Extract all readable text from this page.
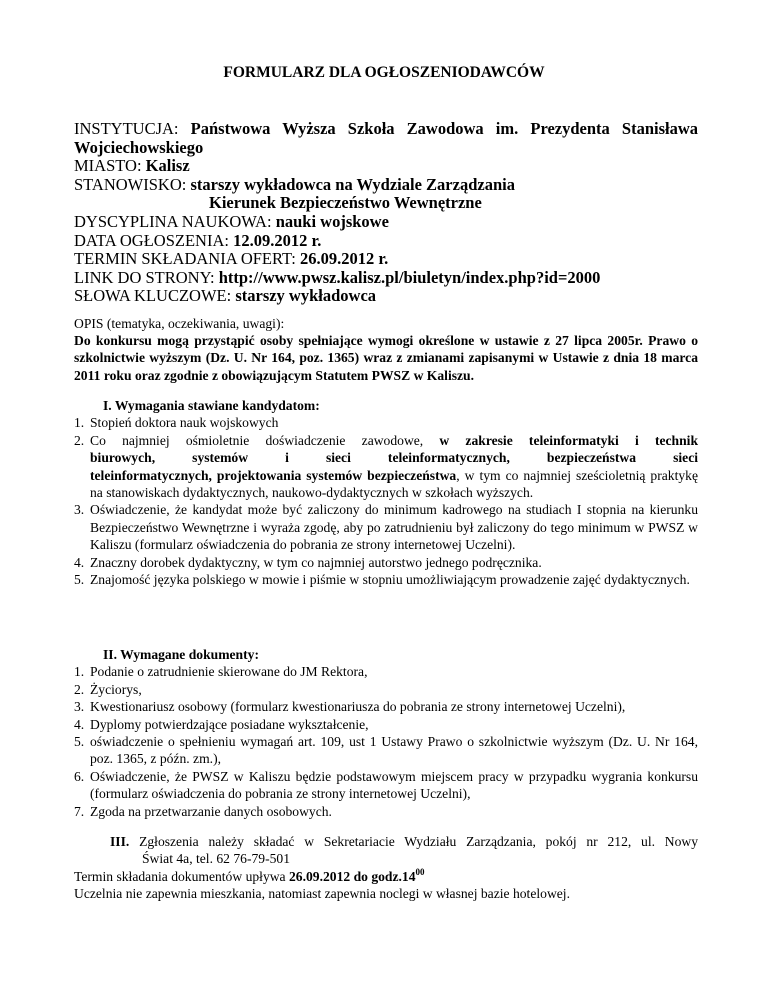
FORMULARZ DLA OGŁOSZENIODAWCÓW

INSTYTUCJA: Państwowa Wyższa Szkoła Zawodowa im. Prezydenta Stanisława

Wojciechowskiego

MIASTO: Kalisz

STANOWISKO: starszy wykładowca na Wydziale Zarządzania

Kierunek Bezpieczeństwo Wewnętrzne

DYSCYPLINA NAUKOWA: nauki wojskowe

DATA OGŁOSZENIA: 12.09.2012 r.

TERMIN SKŁADANIA OFERT: 26.09.2012 r.

LINK DO STRONY: http://www.pwsz.kalisz.pl/biuletyn/index.php?id=2000

SŁOWA KLUCZOWE: starszy wykładowca

OPIS (tematyka, oczekiwania, uwagi):
Do konkursu mogą przystąpić osoby spełniające wymogi określone w ustawie z 27 lipca 2005r. Prawo o szkolnictwie wyższym (Dz. U. Nr 164, poz. 1365) wraz z zmianami zapisanymi w Ustawie z dnia 18 marca 2011 roku oraz zgodnie z obowiązującym Statutem PWSZ w Kaliszu.
I. Wymagania stawiane kandydatom:
1. Stopień doktora nauk wojskowych
2. Co najmniej ośmioletnie doświadczenie zawodowe, w zakresie teleinformatyki i technik
biurowych, systemów i sieci teleinformatycznych, bezpieczeństwa sieci
teleinformatycznych, projektowania systemów bezpieczeństwa, w tym co najmniej sześcioletnią praktykę na stanowiskach dydaktycznych, naukowo-dydaktycznych w szkołach wyższych.
3. Oświadczenie, że kandydat może być zaliczony do minimum kadrowego na studiach I stopnia na kierunku Bezpieczeństwo Wewnętrzne i wyraża zgodę, aby po zatrudnieniu był zaliczony do tego minimum w PWSZ w Kaliszu (formularz oświadczenia do pobrania ze strony internetowej Uczelni).
4. Znaczny dorobek dydaktyczny, w tym co najmniej autorstwo jednego podręcznika.
5. Znajomość języka polskiego w mowie i piśmie w stopniu umożliwiającym prowadzenie zajęć dydaktycznych.
II. Wymagane dokumenty:
1. Podanie o zatrudnienie skierowane do JM Rektora,
2. Życiorys,
3. Kwestionariusz osobowy (formularz kwestionariusza do pobrania ze strony internetowej Uczelni),
4. Dyplomy potwierdzające posiadane wykształcenie,
5. oświadczenie o spełnieniu wymagań art. 109, ust 1 Ustawy Prawo o szkolnictwie wyższym (Dz. U. Nr 164, poz. 1365, z późn. zm.),
6. Oświadczenie, że PWSZ w Kaliszu będzie podstawowym miejscem pracy w przypadku wygrania konkursu (formularz oświadczenia do pobrania ze strony internetowej Uczelni),
7. Zgoda na przetwarzanie danych osobowych.
III. Zgłoszenia należy składać w Sekretariacie Wydziału Zarządzania, pokój nr 212, ul. Nowy
Świat 4a, tel. 62 76-79-501
Termin składania dokumentów upływa 26.09.2012 do $godz.14^{00}$
Uczelnia nie zapewnia mieszkania, natomiast zapewnia noclegi w własnej bazie hotelowej.
